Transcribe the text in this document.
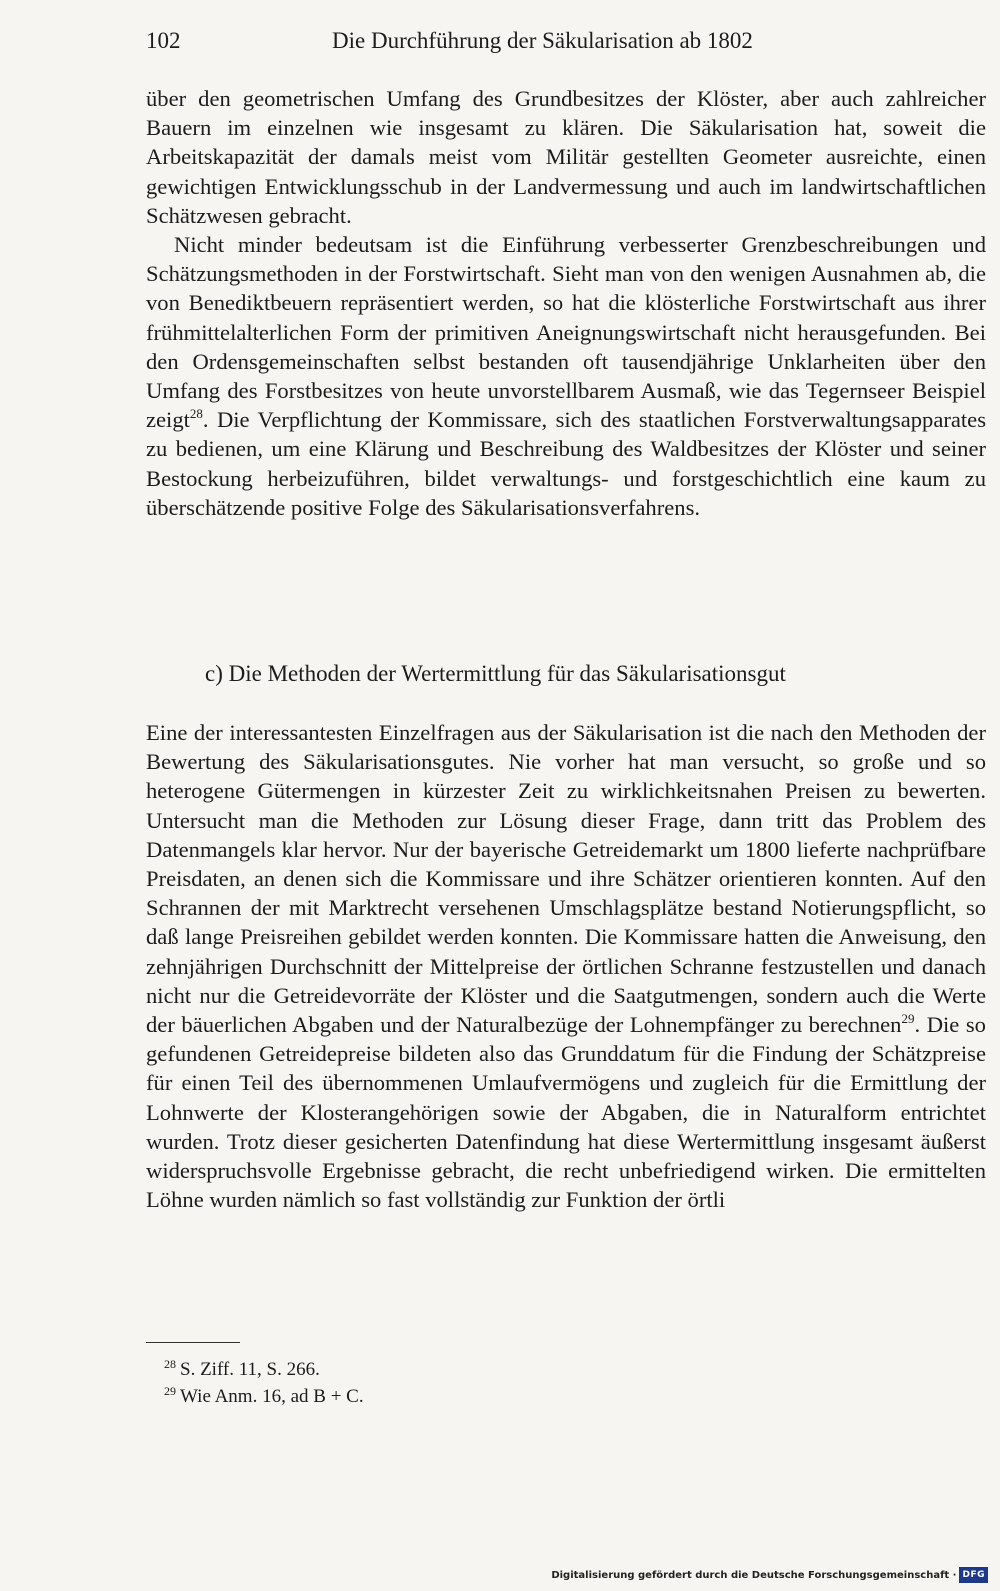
102	Die Durchführung der Säkularisation ab 1802

über den geometrischen Umfang des Grundbesitzes der Klöster, aber auch zahlreicher Bauern im einzelnen wie insgesamt zu klären. Die Säkularisation hat, soweit die Arbeitskapazität der damals meist vom Militär gestellten Geometer ausreichte, einen gewichtigen Entwicklungsschub in der Landvermessung und auch im landwirtschaftlichen Schätzwesen gebracht.

Nicht minder bedeutsam ist die Einführung verbesserter Grenzbeschreibungen und Schätzungsmethoden in der Forstwirtschaft. Sieht man von den wenigen Ausnahmen ab, die von Benediktbeuern repräsentiert werden, so hat die klösterliche Forstwirtschaft aus ihrer frühmittelalterlichen Form der primitiven Aneignungswirtschaft nicht herausgefunden. Bei den Ordensgemeinschaften selbst bestanden oft tausendjährige Unklarheiten über den Umfang des Forstbesitzes von heute unvorstellbarem Ausmaß, wie das Tegernseer Beispiel zeigt$^{28}$. Die Verpflichtung der Kommissare, sich des staatlichen Forstverwaltungsapparates zu bedienen, um eine Klärung und Beschreibung des Waldbesitzes der Klöster und seiner Bestockung herbeizuführen, bildet verwaltungs- und forstgeschichtlich eine kaum zu überschätzende positive Folge des Säkularisationsverfahrens.

c) Die Methoden der Wertermittlung für das Säkularisationsgut

Eine der interessantesten Einzelfragen aus der Säkularisation ist die nach den Methoden der Bewertung des Säkularisationsgutes. Nie vorher hat man versucht, so große und so heterogene Gütermengen in kürzester Zeit zu wirklichkeitsnahen Preisen zu bewerten. Untersucht man die Methoden zur Lösung dieser Frage, dann tritt das Problem des Datenmangels klar hervor. Nur der bayerische Getreidemarkt um 1800 lieferte nachprüfbare Preisdaten, an denen sich die Kommissare und ihre Schätzer orientieren konnten. Auf den Schrannen der mit Marktrecht versehenen Umschlagsplätze bestand Notierungspflicht, so daß lange Preisreihen gebildet werden konnten. Die Kommissare hatten die Anweisung, den zehnjährigen Durchschnitt der Mittelpreise der örtlichen Schranne festzustellen und danach nicht nur die Getreidevorräte der Klöster und die Saatgutmengen, sondern auch die Werte der bäuerlichen Abgaben und der Naturalbezüge der Lohnempfänger zu berechnen$^{29}$. Die so gefundenen Getreidepreise bildeten also das Grunddatum für die Findung der Schätzpreise für einen Teil des übernommenen Umlaufvermögens und zugleich für die Ermittlung der Lohnwerte der Klosterangehörigen sowie der Abgaben, die in Naturalform entrichtet wurden. Trotz dieser gesicherten Datenfindung hat diese Wertermittlung insgesamt äußerst widerspruchsvolle Ergebnisse gebracht, die recht unbefriedigend wirken. Die ermittelten Löhne wurden nämlich so fast vollständig zur Funktion der örtli

$^{28}$ S. Ziff. 11, S. 266.
$^{29}$ Wie Anm. 16, ad B + C.
Digitalisierung gefördert durch die Deutsche Forschungsgemeinschaft · DFG
